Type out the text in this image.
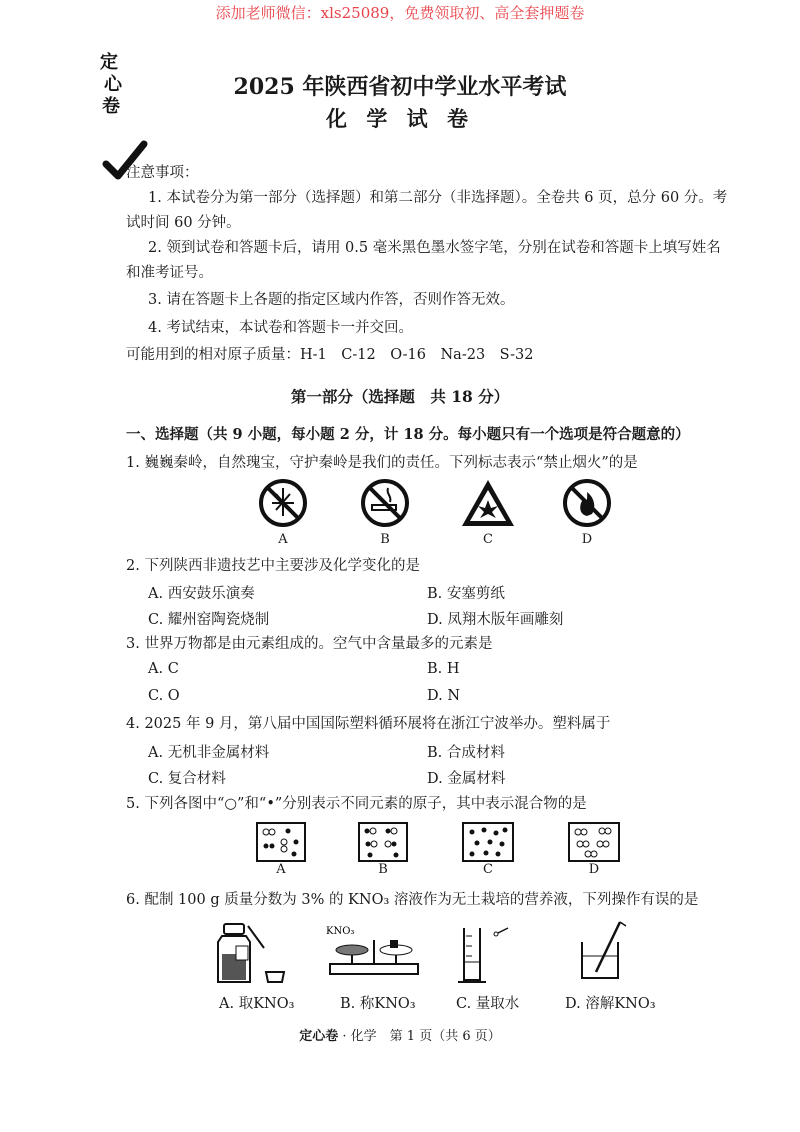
添加老师微信：xls25089，免费领取初、高全套押题卷
定
心
卷
2025 年陕西省初中学业水平考试
化 学 试 卷
注意事项：
1. 本试卷分为第一部分（选择题）和第二部分（非选择题）。全卷共 6 页，总分 60 分。考
试时间 60 分钟。
2. 领到试卷和答题卡后，请用 0.5 毫米黑色墨水签字笔，分别在试卷和答题卡上填写姓名
和准考证号。
3. 请在答题卡上各题的指定区域内作答，否则作答无效。
4. 考试结束，本试卷和答题卡一并交回。
可能用到的相对原子质量：H-1　C-12　O-16　Na-23　S-32
第一部分（选择题　共 18 分）
一、选择题（共 9 小题，每小题 2 分，计 18 分。每小题只有一个选项是符合题意的）
1. 巍巍秦岭，自然瑰宝，守护秦岭是我们的责任。下列标志表示“禁止烟火”的是
A	B	C	D
2. 下列陕西非遗技艺中主要涉及化学变化的是
A. 西安鼓乐演奏	B. 安塞剪纸
C. 耀州窑陶瓷烧制	D. 凤翔木版年画雕刻
3. 世界万物都是由元素组成的。空气中含量最多的元素是
A. C	B. H
C. O	D. N
4. 2025 年 9 月，第八届中国国际塑料循环展将在浙江宁波举办。塑料属于
A. 无机非金属材料	B. 合成材料
C. 复合材料	D. 金属材料
5. 下列各图中“○”和“•”分别表示不同元素的原子，其中表示混合物的是
A	B	C	D
6. 配制 100 g 质量分数为 3% 的 KNO₃ 溶液作为无土栽培的营养液，下列操作有误的是
KNO₃
A. 取KNO₃	B. 称KNO₃	C. 量取水	D. 溶解KNO₃
定心卷 · 化学　第 1 页（共 6 页）
